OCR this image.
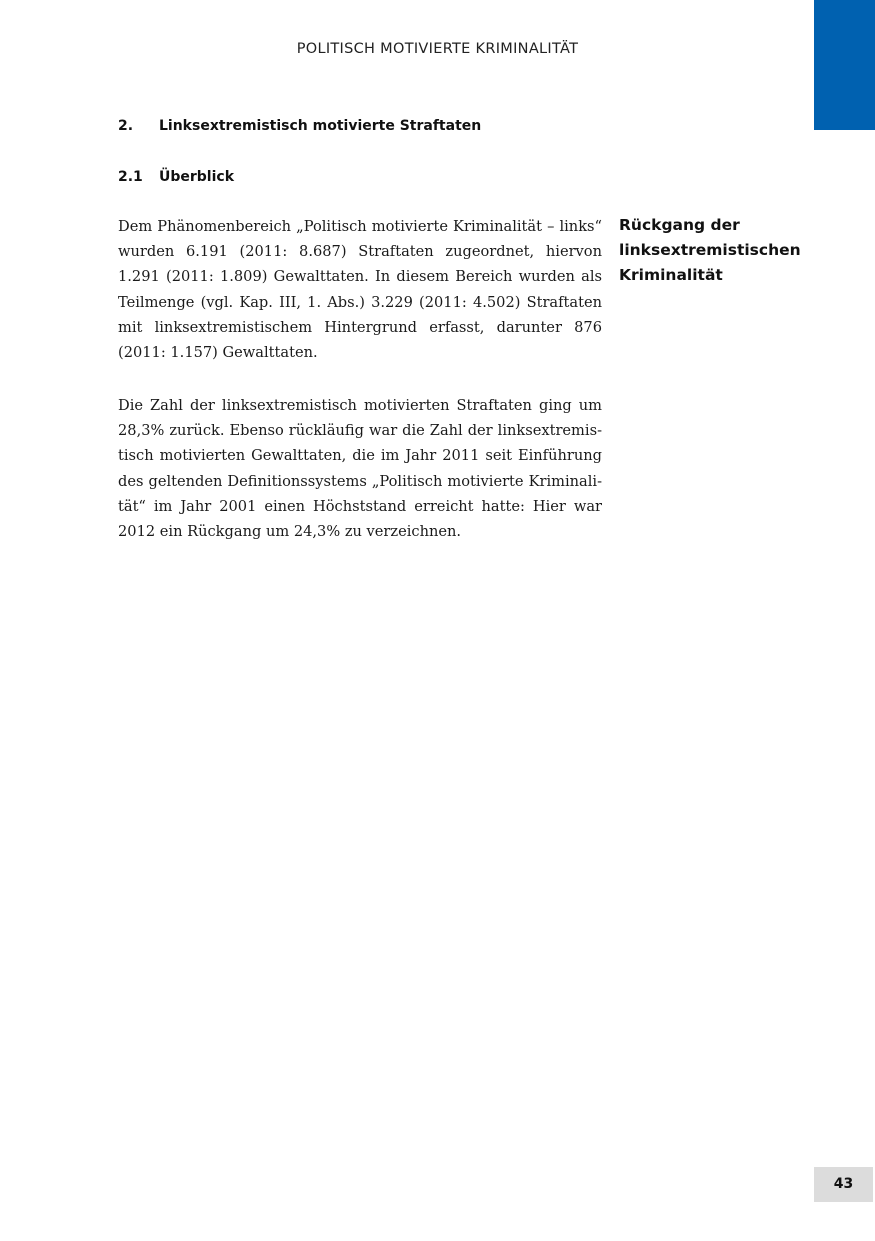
POLITISCH MOTIVIERTE KRIMINALITÄT
2. Linksextremistisch motivierte Straftaten
2.1 Überblick
Dem Phänomenbereich „Politisch motivierte Kriminalität – links“ wurden 6.191 (2011: 8.687) Straftaten zugeordnet, hiervon 1.291 (2011: 1.809) Gewalttaten. In diesem Bereich wurden als Teilmenge (vgl. Kap. III, 1. Abs.) 3.229 (2011: 4.502) Straftaten mit linksextremistischem Hintergrund erfasst, darunter 876 (2011: 1.157) Gewalttaten.
Die Zahl der linksextremistisch motivierten Straftaten ging um 28,3% zurück. Ebenso rückläufig war die Zahl der linksextremistisch motivierten Gewalttaten, die im Jahr 2011 seit Einführung des geltenden Definitionssystems „Politisch motivierte Kriminalität“ im Jahr 2001 einen Höchststand erreicht hatte: Hier war 2012 ein Rückgang um 24,3% zu verzeichnen.
Rückgang der linksextremistischen Kriminalität
43
